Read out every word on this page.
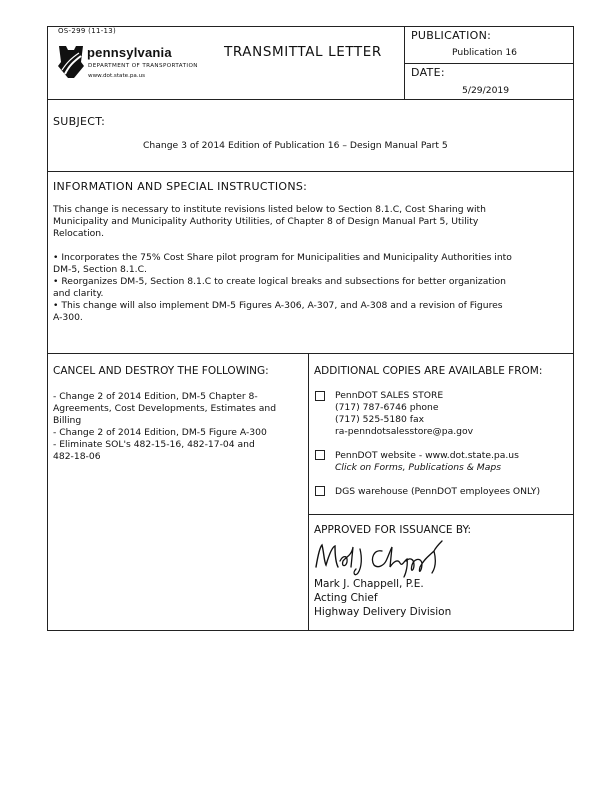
OS-299 (11-13)
pennsylvania
DEPARTMENT OF TRANSPORTATION
www.dot.state.pa.us
TRANSMITTAL LETTER
PUBLICATION:
Publication 16
DATE:
5/29/2019
SUBJECT:
Change 3 of 2014 Edition of Publication 16 – Design Manual Part 5
INFORMATION AND SPECIAL INSTRUCTIONS:
This change is necessary to institute revisions listed below to Section 8.1.C, Cost Sharing with
Municipality and Municipality Authority Utilities, of Chapter 8 of Design Manual Part 5, Utility
Relocation.
• Incorporates the 75% Cost Share pilot program for Municipalities and Municipality Authorities into
DM-5, Section 8.1.C.
• Reorganizes DM-5, Section 8.1.C to create logical breaks and subsections for better organization
and clarity.
• This change will also implement DM-5 Figures A-306, A-307, and A-308 and a revision of Figures
A-300.
CANCEL AND DESTROY THE FOLLOWING:
- Change 2 of 2014 Edition, DM-5 Chapter 8-
Agreements, Cost Developments, Estimates and
Billing
- Change 2 of 2014 Edition, DM-5 Figure A-300
- Eliminate SOL's 482-15-16, 482-17-04 and
482-18-06
ADDITIONAL COPIES ARE AVAILABLE FROM:
PennDOT SALES STORE
(717) 787-6746 phone
(717) 525-5180 fax
ra-penndotsalesstore@pa.gov
PennDOT website - www.dot.state.pa.us
Click on Forms, Publications & Maps
DGS warehouse (PennDOT employees ONLY)
APPROVED FOR ISSUANCE BY:
Mark J. Chappell, P.E.
Acting Chief
Highway Delivery Division
